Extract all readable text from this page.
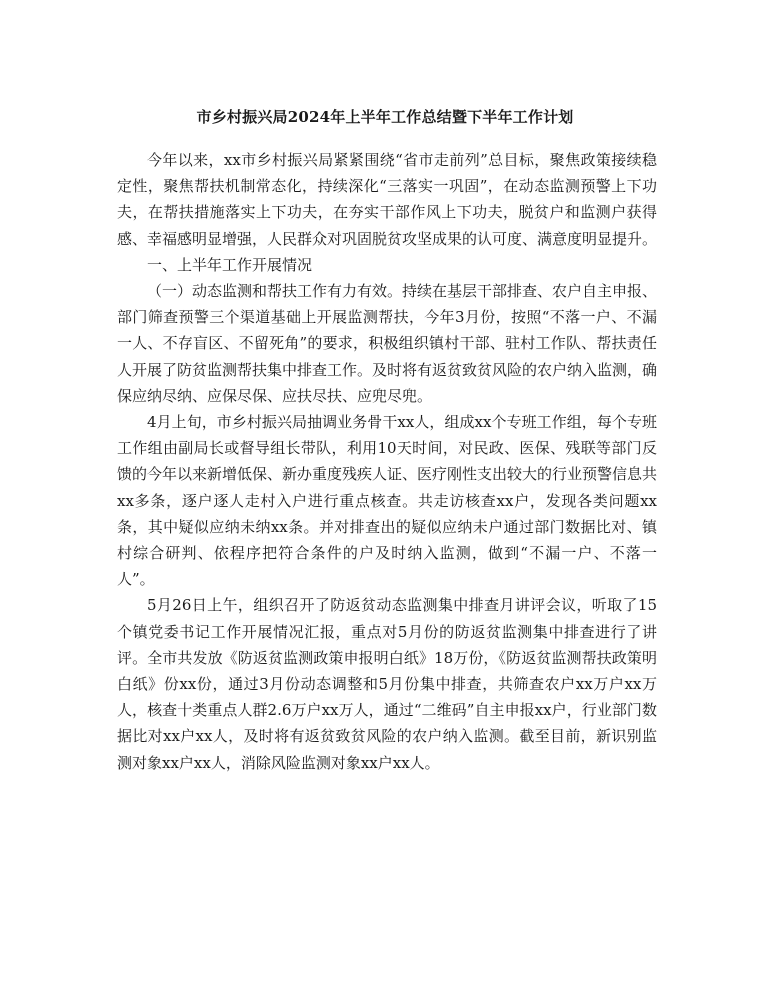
市乡村振兴局2024年上半年工作总结暨下半年工作计划

今年以来，xx市乡村振兴局紧紧围绕“省市走前列”总目标，聚焦政策接续稳定性，聚焦帮扶机制常态化，持续深化“三落实一巩固”，在动态监测预警上下功夫，在帮扶措施落实上下功夫，在夯实干部作风上下功夫，脱贫户和监测户获得感、幸福感明显增强，人民群众对巩固脱贫攻坚成果的认可度、满意度明显提升。

一、上半年工作开展情况

（一）动态监测和帮扶工作有力有效。持续在基层干部排查、农户自主申报、部门筛查预警三个渠道基础上开展监测帮扶，今年3月份，按照“不落一户、不漏一人、不存盲区、不留死角”的要求，积极组织镇村干部、驻村工作队、帮扶责任人开展了防贫监测帮扶集中排查工作。及时将有返贫致贫风险的农户纳入监测，确保应纳尽纳、应保尽保、应扶尽扶、应兜尽兜。

4月上旬，市乡村振兴局抽调业务骨干xx人，组成xx个专班工作组，每个专班工作组由副局长或督导组长带队，利用10天时间，对民政、医保、残联等部门反馈的今年以来新增低保、新办重度残疾人证、医疗刚性支出较大的行业预警信息共xx多条，逐户逐人走村入户进行重点核查。共走访核查xx户，发现各类问题xx条，其中疑似应纳未纳xx条。并对排查出的疑似应纳未户通过部门数据比对、镇村综合研判、依程序把符合条件的户及时纳入监测，做到“不漏一户、不落一人”。

5月26日上午，组织召开了防返贫动态监测集中排查月讲评会议，听取了15个镇党委书记工作开展情况汇报，重点对5月份的防返贫监测集中排查进行了讲评。全市共发放《防返贫监测政策申报明白纸》18万份，《防返贫监测帮扶政策明白纸》份xx份，通过3月份动态调整和5月份集中排查，共筛查农户xx万户xx万人，核查十类重点人群2.6万户xx万人，通过“二维码”自主申报xx户，行业部门数据比对xx户xx人，及时将有返贫致贫风险的农户纳入监测。截至目前，新识别监测对象xx户xx人，消除风险监测对象xx户xx人。
